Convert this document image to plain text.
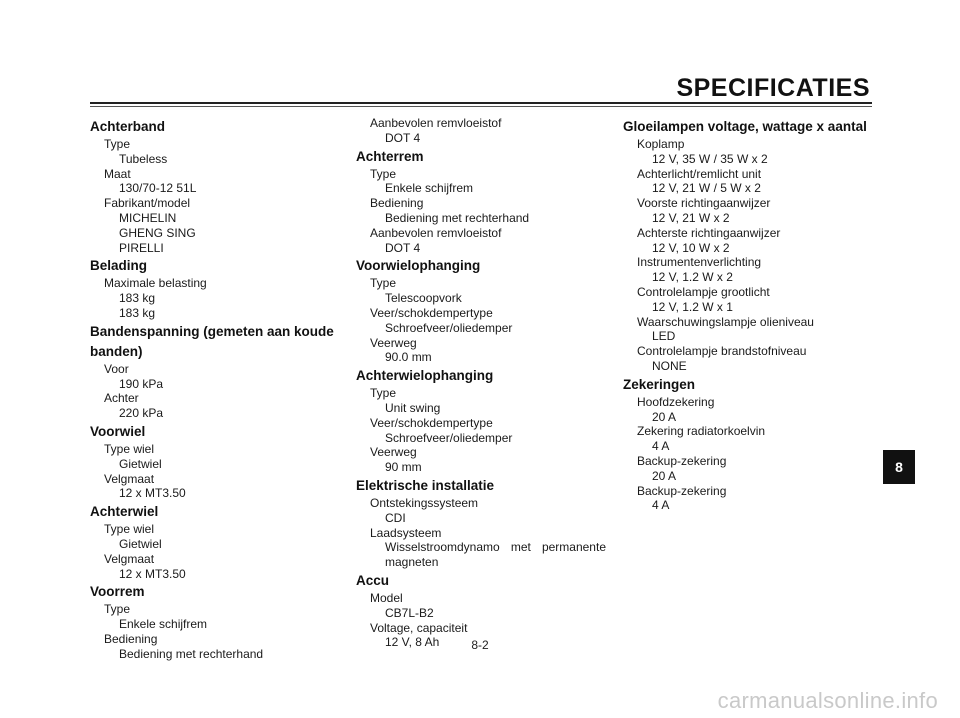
SPECIFICATIES
Achterband
Type
Tubeless
Maat
130/70-12 51L
Fabrikant/model
MICHELIN
GHENG SING
PIRELLI
Belading
Maximale belasting
183 kg
183 kg
Bandenspanning (gemeten aan koude banden)
Voor
190 kPa
Achter
220 kPa
Voorwiel
Type wiel
Gietwiel
Velgmaat
12 x MT3.50
Achterwiel
Type wiel
Gietwiel
Velgmaat
12 x MT3.50
Voorrem
Type
Enkele schijfrem
Bediening
Bediening met rechterhand
Aanbevolen remvloeistof
DOT 4
Achterrem
Type
Enkele schijfrem
Bediening
Bediening met rechterhand
Aanbevolen remvloeistof
DOT 4
Voorwielophanging
Type
Telescoopvork
Veer/schokdempertype
Schroefveer/oliedemper
Veerweg
90.0 mm
Achterwielophanging
Type
Unit swing
Veer/schokdempertype
Schroefveer/oliedemper
Veerweg
90 mm
Elektrische installatie
Ontstekingssysteem
CDI
Laadsysteem
Wisselstroomdynamo met permanente magneten
Accu
Model
CB7L-B2
Voltage, capaciteit
12 V, 8 Ah
Gloeilampen voltage, wattage x aantal
Koplamp
12 V, 35 W / 35 W x 2
Achterlicht/remlicht unit
12 V, 21 W / 5 W x 2
Voorste richtingaanwijzer
12 V, 21 W x 2
Achterste richtingaanwijzer
12 V, 10 W x 2
Instrumentenverlichting
12 V, 1.2 W x 2
Controlelampje grootlicht
12 V, 1.2 W x 1
Waarschuwingslampje olieniveau
LED
Controlelampje brandstofniveau
NONE
Zekeringen
Hoofdzekering
20 A
Zekering radiatorkoelvin
4 A
Backup-zekering
20 A
Backup-zekering
4 A
8
8-2
carmanualsonline.info
